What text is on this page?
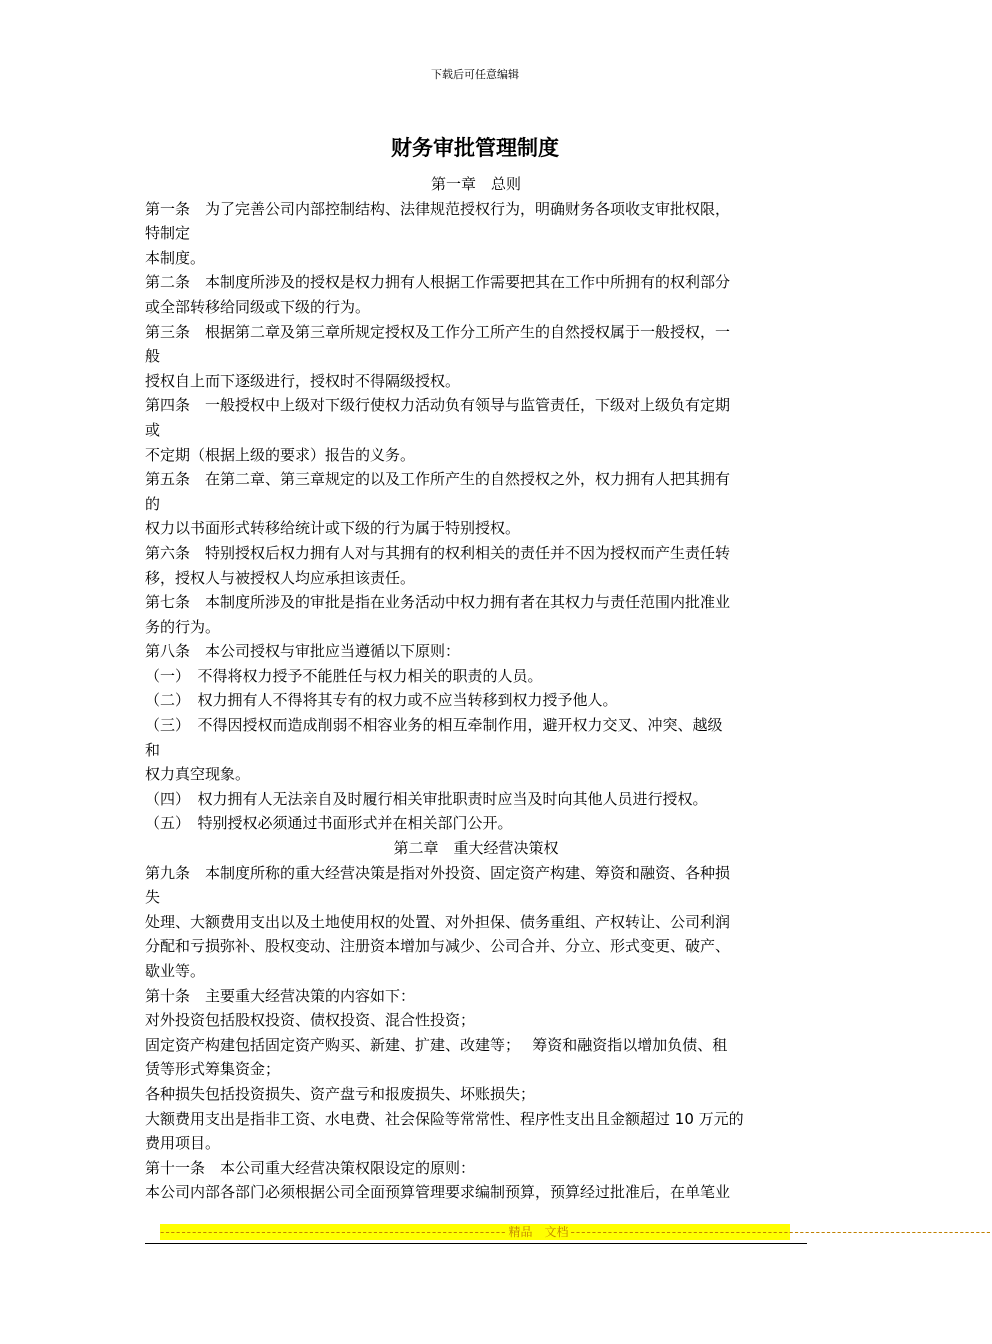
下载后可任意编辑
财务审批管理制度
第一章　总则
第一条　为了完善公司内部控制结构、法律规范授权行为，明确财务各项收支审批权限，
特制定
本制度。
第二条　本制度所涉及的授权是权力拥有人根据工作需要把其在工作中所拥有的权利部分
或全部转移给同级或下级的行为。
第三条　根据第二章及第三章所规定授权及工作分工所产生的自然授权属于一般授权，一
般
授权自上而下逐级进行，授权时不得隔级授权。
第四条　一般授权中上级对下级行使权力活动负有领导与监管责任，下级对上级负有定期
或
不定期（根据上级的要求）报告的义务。
第五条　在第二章、第三章规定的以及工作所产生的自然授权之外，权力拥有人把其拥有
的
权力以书面形式转移给统计或下级的行为属于特别授权。
第六条　特别授权后权力拥有人对与其拥有的权利相关的责任并不因为授权而产生责任转
移，授权人与被授权人均应承担该责任。
第七条　本制度所涉及的审批是指在业务活动中权力拥有者在其权力与责任范围内批准业
务的行为。
第八条　本公司授权与审批应当遵循以下原则：
（一）　不得将权力授予不能胜任与权力相关的职责的人员。
（二）　权力拥有人不得将其专有的权力或不应当转移到权力授予他人。
（三）　不得因授权而造成削弱不相容业务的相互牵制作用，避开权力交叉、冲突、越级
和
权力真空现象。
（四）　权力拥有人无法亲自及时履行相关审批职责时应当及时向其他人员进行授权。
（五）　特别授权必须通过书面形式并在相关部门公开。
第二章　重大经营决策权
第九条　本制度所称的重大经营决策是指对外投资、固定资产构建、筹资和融资、各种损
失
处理、大额费用支出以及土地使用权的处置、对外担保、债务重组、产权转让、公司利润
分配和亏损弥补、股权变动、注册资本增加与减少、公司合并、分立、形式变更、破产、
歇业等。
第十条　主要重大经营决策的内容如下：
对外投资包括股权投资、债权投资、混合性投资；
固定资产构建包括固定资产购买、新建、扩建、改建等；　 筹资和融资指以增加负债、租
赁等形式筹集资金；
各种损失包括投资损失、资产盘亏和报废损失、坏账损失；
大额费用支出是指非工资、水电费、社会保险等常常性、程序性支出且金额超过 10 万元的
费用项目。
第十一条　本公司重大经营决策权限设定的原则：
本公司内部各部门必须根据公司全面预算管理要求编制预算，预算经过批准后，在单笔业
----------------------------------------------------------------- 精品　文档 -------------------------------------------------------------------------------
